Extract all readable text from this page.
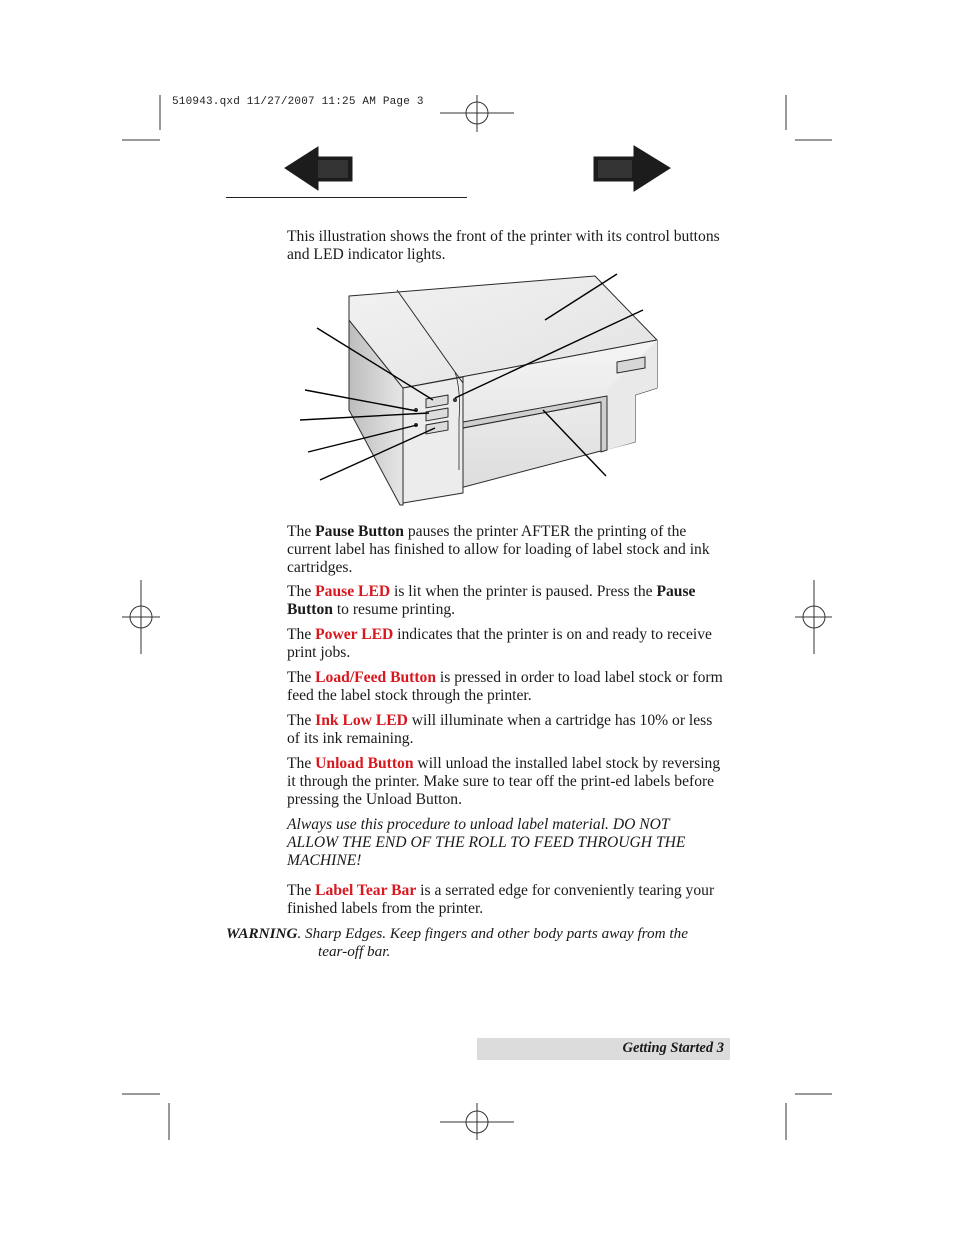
510943.qxd 11/27/2007 11:25 AM Page 3

This illustration shows the front of the printer with its control buttons and LED indicator lights.

The Pause Button pauses the printer AFTER the printing of the current label has finished to allow for loading of label stock and ink cartridges.

The Pause LED is lit when the printer is paused. Press the Pause Button to resume printing.

The Power LED indicates that the printer is on and ready to receive print jobs.

The Load/Feed Button is pressed in order to load label stock or form feed the label stock through the printer.

The Ink Low LED will illuminate when a cartridge has 10% or less of its ink remaining.

The Unload Button will unload the installed label stock by reversing it through the printer. Make sure to tear off the print-ed labels before pressing the Unload Button.

Always use this procedure to unload label material. DO NOT ALLOW THE END OF THE ROLL TO FEED THROUGH THE MACHINE!

The Label Tear Bar is a serrated edge for conveniently tearing your finished labels from the printer.

WARNING. Sharp Edges. Keep fingers and other body parts away from the
tear-off bar.
Getting Started 3
